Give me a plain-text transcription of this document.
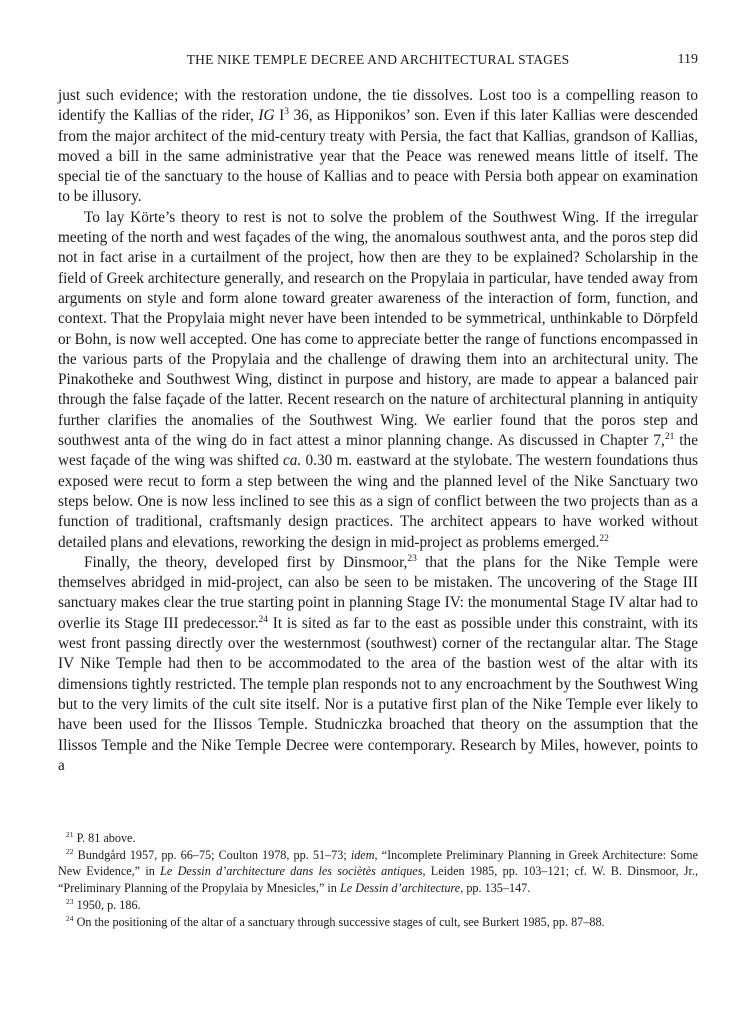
THE NIKE TEMPLE DECREE AND ARCHITECTURAL STAGES	119

just such evidence; with the restoration undone, the tie dissolves. Lost too is a compelling reason to identify the Kallias of the rider, IG $I^3$ 36, as Hipponikos’ son. Even if this later Kallias were descended from the major architect of the mid-century treaty with Persia, the fact that Kallias, grandson of Kallias, moved a bill in the same administrative year that the Peace was renewed means little of itself. The special tie of the sanctuary to the house of Kallias and to peace with Persia both appear on examination to be illusory.

To lay Körte’s theory to rest is not to solve the problem of the Southwest Wing. If the irregular meeting of the north and west façades of the wing, the anomalous southwest anta, and the poros step did not in fact arise in a curtailment of the project, how then are they to be explained? Scholarship in the field of Greek architecture generally, and research on the Propylaia in particular, have tended away from arguments on style and form alone toward greater awareness of the interaction of form, function, and context. That the Propylaia might never have been intended to be symmetrical, unthinkable to Dörpfeld or Bohn, is now well accepted. One has come to appreciate better the range of functions encompassed in the various parts of the Propylaia and the challenge of drawing them into an architectural unity. The Pinakotheke and Southwest Wing, distinct in purpose and history, are made to appear a balanced pair through the false façade of the latter. Recent research on the nature of architectural planning in antiquity further clarifies the anomalies of the Southwest Wing. We earlier found that the poros step and southwest anta of the wing do in fact attest a minor planning change. As discussed in Chapter 7,21 the west façade of the wing was shifted ca. 0.30 m. eastward at the stylobate. The western foundations thus exposed were recut to form a step between the wing and the planned level of the Nike Sanctuary two steps below. One is now less inclined to see this as a sign of conflict between the two projects than as a function of traditional, craftsmanly design practices. The architect appears to have worked without detailed plans and elevations, reworking the design in mid-project as problems emerged.$^{22}$

Finally, the theory, developed first by Dinsmoor,$^{23}$ that the plans for the Nike Temple were themselves abridged in mid-project, can also be seen to be mistaken. The uncovering of the Stage III sanctuary makes clear the true starting point in planning Stage IV: the monumental Stage IV altar had to overlie its Stage III predecessor.$^{24}$ It is sited as far to the east as possible under this constraint, with its west front passing directly over the westernmost (southwest) corner of the rectangular altar. The Stage IV Nike Temple had then to be accommodated to the area of the bastion west of the altar with its dimensions tightly restricted. The temple plan responds not to any encroachment by the Southwest Wing but to the very limits of the cult site itself. Nor is a putative first plan of the Nike Temple ever likely to have been used for the Ilissos Temple. Studniczka broached that theory on the assumption that the Ilissos Temple and the Nike Temple Decree were contemporary. Research by Miles, however, points to a

$^{21}$ P. 81 above.

$^{22}$ Bundgård 1957, pp. 66–75; Coulton 1978, pp. 51–73; idem, “Incomplete Preliminary Planning in Greek Architecture: Some New Evidence,” in Le Dessin d’architecture dans les sociètès antiques, Leiden 1985, pp. 103–121; cf. W. B. Dinsmoor, Jr., “Preliminary Planning of the Propylaia by Mnesicles,” in Le Dessin d’architecture, pp. 135–147.

$^{23}$ 1950, p. 186.

$^{24}$ On the positioning of the altar of a sanctuary through successive stages of cult, see Burkert 1985, pp. 87–88.
